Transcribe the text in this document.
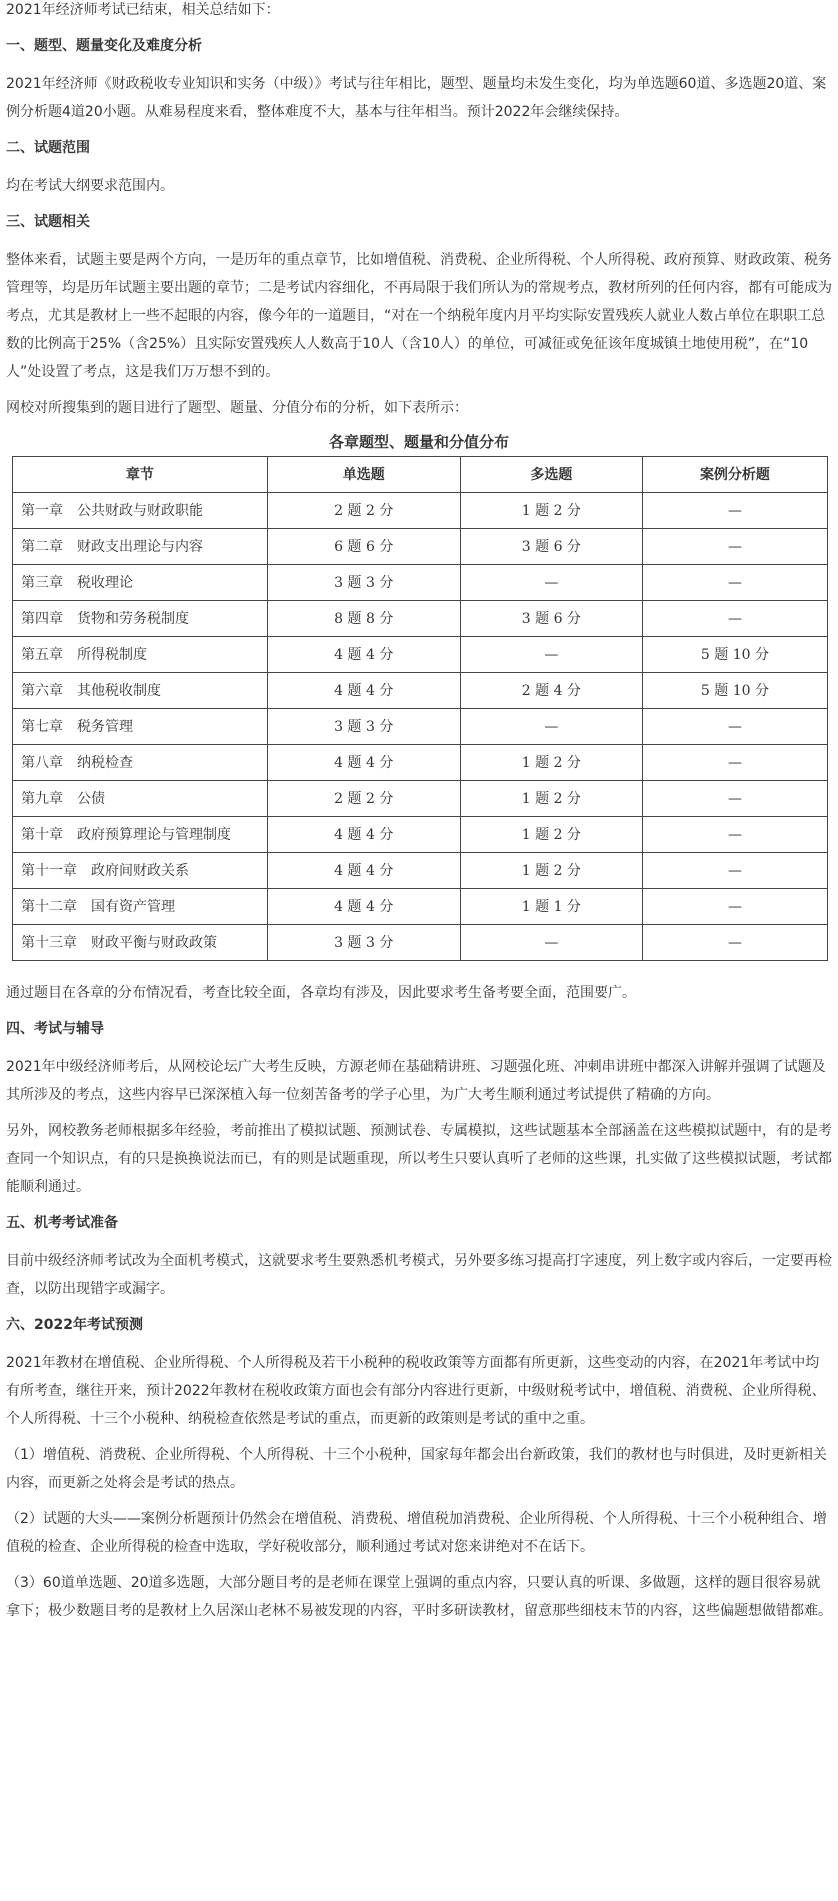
2021年经济师考试已结束，相关总结如下：

一、题型、题量变化及难度分析

2021年经济师《财政税收专业知识和实务（中级）》考试与往年相比，题型、题量均未发生变化，均为单选题60道、多选题20道、案例分析题4道20小题。从难易程度来看，整体难度不大，基本与往年相当。预计2022年会继续保持。

二、试题范围

均在考试大纲要求范围内。

三、试题相关

整体来看，试题主要是两个方向，一是历年的重点章节，比如增值税、消费税、企业所得税、个人所得税、政府预算、财政政策、税务管理等，均是历年试题主要出题的章节；二是考试内容细化，不再局限于我们所认为的常规考点，教材所列的任何内容，都有可能成为考点，尤其是教材上一些不起眼的内容，像今年的一道题目，“对在一个纳税年度内月平均实际安置残疾人就业人数占单位在职职工总数的比例高于25%（含25%）且实际安置残疾人人数高于10人（含10人）的单位，可减征或免征该年度城镇土地使用税”，在“10人”处设置了考点，这是我们万万想不到的。

网校对所搜集到的题目进行了题型、题量、分值分布的分析，如下表所示：

各章题型、题量和分值分布

章节	单选题	多选题	案例分析题
第一章　公共财政与财政职能	2 题 2 分	1 题 2 分	—
第二章　财政支出理论与内容	6 题 6 分	3 题 6 分	—
第三章　税收理论	3 题 3 分	—	—
第四章　货物和劳务税制度	8 题 8 分	3 题 6 分	—
第五章　所得税制度	4 题 4 分	—	5 题 10 分
第六章　其他税收制度	4 题 4 分	2 题 4 分	5 题 10 分
第七章　税务管理	3 题 3 分	—	—
第八章　纳税检查	4 题 4 分	1 题 2 分	—
第九章　公债	2 题 2 分	1 题 2 分	—
第十章　政府预算理论与管理制度	4 题 4 分	1 题 2 分	—
第十一章　政府间财政关系	4 题 4 分	1 题 2 分	—
第十二章　国有资产管理	4 题 4 分	1 题 1 分	—
第十三章　财政平衡与财政政策	3 题 3 分	—	—

通过题目在各章的分布情况看，考查比较全面，各章均有涉及，因此要求考生备考要全面，范围要广。

四、考试与辅导

2021年中级经济师考后，从网校论坛广大考生反映，方源老师在基础精讲班、习题强化班、冲刺串讲班中都深入讲解并强调了试题及其所涉及的考点，这些内容早已深深植入每一位刻苦备考的学子心里，为广大考生顺利通过考试提供了精确的方向。

另外，网校教务老师根据多年经验，考前推出了模拟试题、预测试卷、专属模拟，这些试题基本全部涵盖在这些模拟试题中，有的是考查同一个知识点，有的只是换换说法而已，有的则是试题重现，所以考生只要认真听了老师的这些课，扎实做了这些模拟试题，考试都能顺利通过。

五、机考考试准备

目前中级经济师考试改为全面机考模式，这就要求考生要熟悉机考模式，另外要多练习提高打字速度，列上数字或内容后，一定要再检查，以防出现错字或漏字。

六、2022年考试预测

2021年教材在增值税、企业所得税、个人所得税及若干小税种的税收政策等方面都有所更新，这些变动的内容，在2021年考试中均有所考查，继往开来，预计2022年教材在税收政策方面也会有部分内容进行更新，中级财税考试中，增值税、消费税、企业所得税、个人所得税、十三个小税种、纳税检查依然是考试的重点，而更新的政策则是考试的重中之重。

（1）增值税、消费税、企业所得税、个人所得税、十三个小税种，国家每年都会出台新政策，我们的教材也与时俱进，及时更新相关内容，而更新之处将会是考试的热点。

（2）试题的大头——案例分析题预计仍然会在增值税、消费税、增值税加消费税、企业所得税、个人所得税、十三个小税种组合、增值税的检查、企业所得税的检查中选取，学好税收部分，顺利通过考试对您来讲绝对不在话下。

（3）60道单选题、20道多选题，大部分题目考的是老师在课堂上强调的重点内容，只要认真的听课、多做题，这样的题目很容易就拿下；极少数题目考的是教材上久居深山老林不易被发现的内容，平时多研读教材，留意那些细枝末节的内容，这些偏题想做错都难。
